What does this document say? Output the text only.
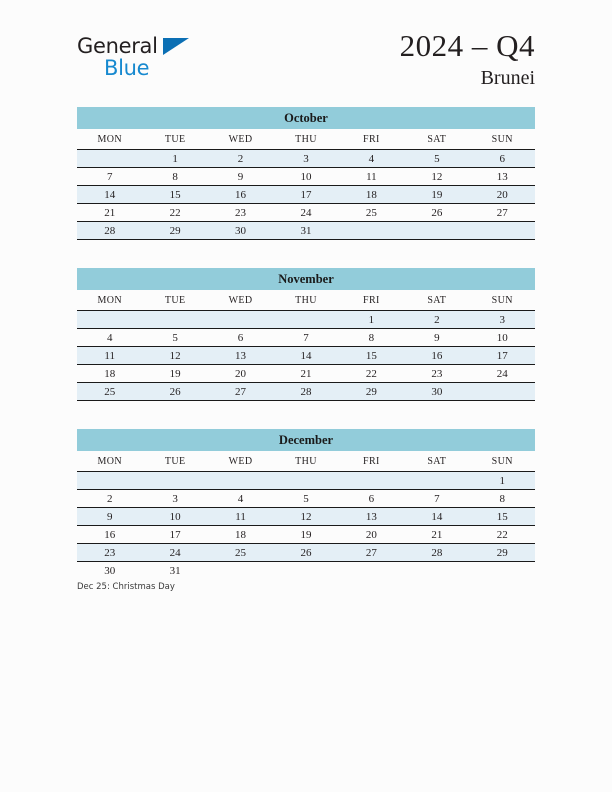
General
Blue
2024 – Q4
Brunei
October
MON	TUE	WED	THU	FRI	SAT	SUN
	1	2	3	4	5	6
7	8	9	10	11	12	13
14	15	16	17	18	19	20
21	22	23	24	25	26	27
28	29	30	31			
November
MON	TUE	WED	THU	FRI	SAT	SUN
				1	2	3
4	5	6	7	8	9	10
11	12	13	14	15	16	17
18	19	20	21	22	23	24
25	26	27	28	29	30	
December
MON	TUE	WED	THU	FRI	SAT	SUN
						1
2	3	4	5	6	7	8
9	10	11	12	13	14	15
16	17	18	19	20	21	22
23	24	25	26	27	28	29
30	31					
Dec 25: Christmas Day
